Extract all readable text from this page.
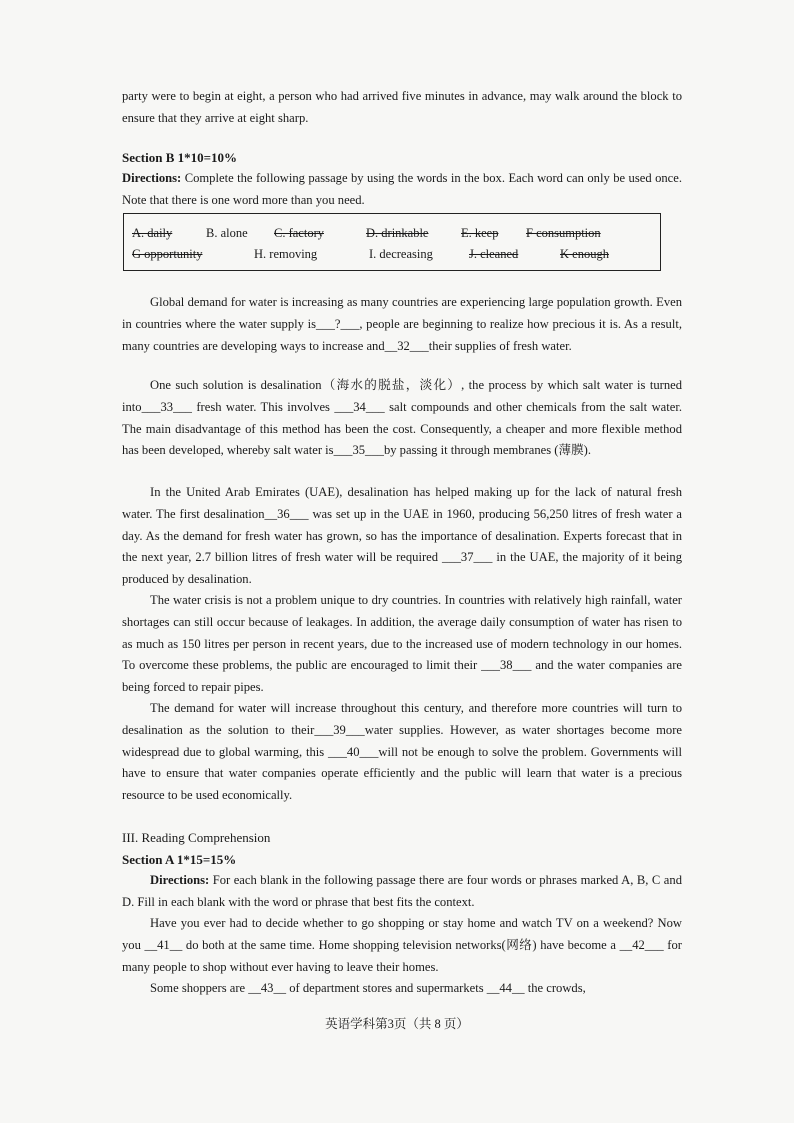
party were to begin at eight, a person who had arrived five minutes in advance, may walk around the block to ensure that they arrive at eight sharp.
Section B 1*10=10%
Directions: Complete the following passage by using the words in the box. Each word can only be used once. Note that there is one word more than you need.
A. daily	B. alone C. factory	D. drinkable	E. keep F consumption
G opportunity	H. removing	I. decreasing	J. cleaned	K enough
Global demand for water is increasing as many countries are experiencing large population growth. Even in countries where the water supply is___?___, people are beginning to realize how precious it is. As a result, many countries are developing ways to increase and__32___their supplies of fresh water.
One such solution is desalination（海水的脱盐，淡化）, the process by which salt water is turned into___33___ fresh water. This involves ___34___ salt compounds and other chemicals from the salt water. The main disadvantage of this method has been the cost. Consequently, a cheaper and more flexible method has been developed, whereby salt water is___35___by passing it through membranes (薄膜).
In the United Arab Emirates (UAE), desalination has helped making up for the lack of natural fresh water. The first desalination__36___ was set up in the UAE in 1960, producing 56,250 litres of fresh water a day. As the demand for fresh water has grown, so has the importance of desalination. Experts forecast that in the next year, 2.7 billion litres of fresh water will be required ___37___ in the UAE, the majority of it being produced by desalination.
The water crisis is not a problem unique to dry countries. In countries with relatively high rainfall, water shortages can still occur because of leakages. In addition, the average daily consumption of water has risen to as much as 150 litres per person in recent years, due to the increased use of modern technology in our homes. To overcome these problems, the public are encouraged to limit their ___38___ and the water companies are being forced to repair pipes.
The demand for water will increase throughout this century, and therefore more countries will turn to desalination as the solution to their___39___water supplies. However, as water shortages become more widespread due to global warming, this ___40___will not be enough to solve the problem. Governments will have to ensure that water companies operate efficiently and the public will learn that water is a precious resource to be used economically.
III. Reading Comprehension
Section A 1*15=15%
Directions: For each blank in the following passage there are four words or phrases marked A, B, C and D. Fill in each blank with the word or phrase that best fits the context.
Have you ever had to decide whether to go shopping or stay home and watch TV on a weekend? Now you __41__ do both at the same time. Home shopping television networks(网络) have become a __42___ for many people to shop without ever having to leave their homes.
Some shoppers are __43__ of department stores and supermarkets __44__ the crowds,
英语学科第3页（共 8 页）
